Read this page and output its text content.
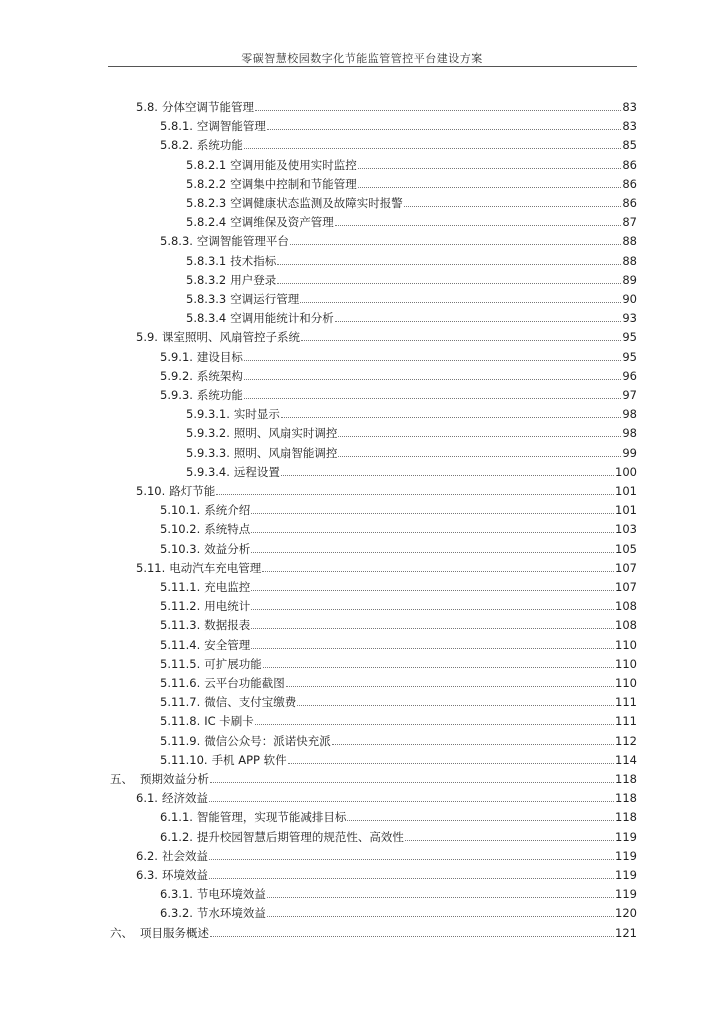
零碳智慧校园数字化节能监管管控平台建设方案
5.8. 分体空调节能管理	83
5.8.1. 空调智能管理	83
5.8.2. 系统功能	85
5.8.2.1 空调用能及使用实时监控	86
5.8.2.2 空调集中控制和节能管理	86
5.8.2.3 空调健康状态监测及故障实时报警	86
5.8.2.4 空调维保及资产管理	87
5.8.3. 空调智能管理平台	88
5.8.3.1 技术指标	88
5.8.3.2 用户登录	89
5.8.3.3 空调运行管理	90
5.8.3.4 空调用能统计和分析	93
5.9. 课室照明、风扇管控子系统	95
5.9.1. 建设目标	95
5.9.2. 系统架构	96
5.9.3. 系统功能	97
5.9.3.1. 实时显示	98
5.9.3.2. 照明、风扇实时调控	98
5.9.3.3. 照明、风扇智能调控	99
5.9.3.4. 远程设置	100
5.10. 路灯节能	101
5.10.1. 系统介绍	101
5.10.2. 系统特点	103
5.10.3. 效益分析	105
5.11. 电动汽车充电管理	107
5.11.1. 充电监控	107
5.11.2. 用电统计	108
5.11.3. 数据报表	108
5.11.4. 安全管理	110
5.11.5. 可扩展功能	110
5.11.6. 云平台功能截图	110
5.11.7. 微信、支付宝缴费	111
5.11.8. IC 卡刷卡	111
5.11.9. 微信公众号：派诺快充派	112
5.11.10. 手机 APP 软件	114
五、 预期效益分析	118
6.1. 经济效益	118
6.1.1. 智能管理，实现节能减排目标	118
6.1.2. 提升校园智慧后期管理的规范性、高效性	119
6.2. 社会效益	119
6.3. 环境效益	119
6.3.1. 节电环境效益	119
6.3.2. 节水环境效益	120
六、 项目服务概述	121
